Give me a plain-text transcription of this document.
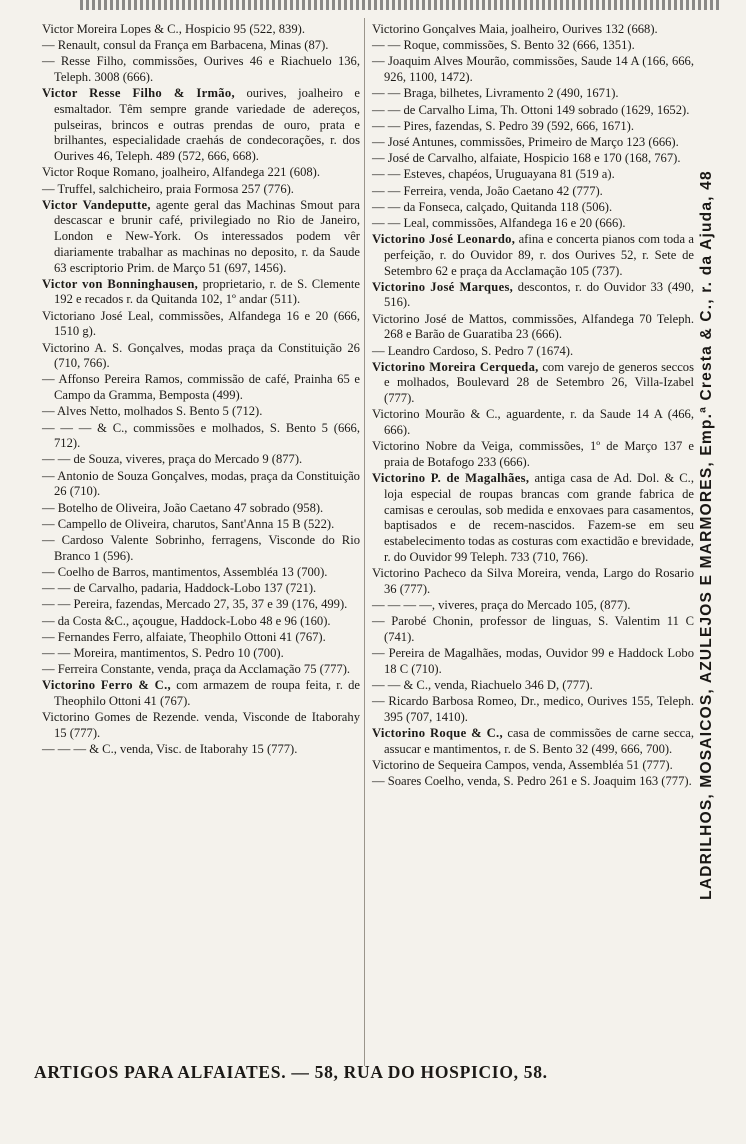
Victor Moreira Lopes & C., Hospicio 95 (522, 839).

— Renault, consul da França em Barbacena, Minas (87).

— Resse Filho, commissões, Ourives 46 e Riachuelo 136, Teleph. 3008 (666).

Victor Resse Filho & Irmão, ourives, joalheiro e esmaltador. Têm sempre grande variedade de adereços, pulseiras, brincos e outras prendas de ouro, prata e brilhantes, especialidade craehás de condecorações, r. dos Ourives 46, Teleph. 489 (572, 666, 668).

Victor Roque Romano, joalheiro, Alfandega 221 (608).

— Truffel, salchicheiro, praia Formosa 257 (776).

Victor Vandeputte, agente geral das Machinas Smout para descascar e brunir café, privilegiado no Rio de Janeiro, London e New-York. Os interessados podem vêr diariamente trabalhar as machinas no deposito, r. da Saude 63 escriptorio Prim. de Março 51 (697, 1456).

Victor von Bonninghausen, proprietario, r. de S. Clemente 192 e recados r. da Quitanda 102, 1º andar (511).

Victoriano José Leal, commissões, Alfandega 16 e 20 (666, 1510 g).

Victorino A. S. Gonçalves, modas praça da Constituição 26 (710, 766).

— Affonso Pereira Ramos, commissão de café, Prainha 65 e Campo da Gramma, Bemposta (499).

— Alves Netto, molhados S. Bento 5 (712).

— — — & C., commissões e molhados, S. Bento 5 (666, 712).

— — de Souza, viveres, praça do Mercado 9 (877).

— Antonio de Souza Gonçalves, modas, praça da Constituição 26 (710).

— Botelho de Oliveira, João Caetano 47 sobrado (958).

— Campello de Oliveira, charutos, Sant'Anna 15 B (522).

— Cardoso Valente Sobrinho, ferragens, Visconde do Rio Branco 1 (596).

— Coelho de Barros, mantimentos, Assembléa 13 (700).

— — de Carvalho, padaria, Haddock-Lobo 137 (721).

— — Pereira, fazendas, Mercado 27, 35, 37 e 39 (176, 499).

— da Costa &C., açougue, Haddock-Lobo 48 e 96 (160).

— Fernandes Ferro, alfaiate, Theophilo Ottoni 41 (767).

— — Moreira, mantimentos, S. Pedro 10 (700).

— Ferreira Constante, venda, praça da Acclamação 75 (777).

Victorino Ferro & C., com armazem de roupa feita, r. de Theophilo Ottoni 41 (767).

Victorino Gomes de Rezende. venda, Visconde de Itaborahy 15 (777).

— — — & C., venda, Visc. de Itaborahy 15 (777).

Victorino Gonçalves Maia, joalheiro, Ourives 132 (668).

— — Roque, commissões, S. Bento 32 (666, 1351).

— Joaquim Alves Mourão, commissões, Saude 14 A (166, 666, 926, 1100, 1472).

— — Braga, bilhetes, Livramento 2 (490, 1671).

— — de Carvalho Lima, Th. Ottoni 149 sobrado (1629, 1652).

— — Pires, fazendas, S. Pedro 39 (592, 666, 1671).

— José Antunes, commissões, Primeiro de Março 123 (666).

— José de Carvalho, alfaiate, Hospicio 168 e 170 (168, 767).

— — Esteves, chapéos, Uruguayana 81 (519 a).

— — Ferreira, venda, João Caetano 42 (777).

— — da Fonseca, calçado, Quitanda 118 (506).

— — Leal, commissões, Alfandega 16 e 20 (666).

Victorino José Leonardo, afina e concerta pianos com toda a perfeição, r. do Ouvidor 89, r. dos Ourives 52, r. Sete de Setembro 62 e praça da Acclamação 105 (737).

Victorino José Marques, descontos, r. do Ouvidor 33 (490, 516).

Victorino José de Mattos, commissões, Alfandega 70 Teleph. 268 e Barão de Guaratiba 23 (666).

— Leandro Cardoso, S. Pedro 7 (1674).

Victorino Moreira Cerqueda, com varejo de generos seccos e molhados, Boulevard 28 de Setembro 26, Villa-Izabel (777).

Victorino Mourão & C., aguardente, r. da Saude 14 A (466, 666).

Victorino Nobre da Veiga, commissões, 1º de Março 137 e praia de Botafogo 233 (666).

Victorino P. de Magalhães, antiga casa de Ad. Dol. & C., loja especial de roupas brancas com grande fabrica de camisas e ceroulas, sob medida e enxovaes para casamentos, baptisados e de recem-nascidos. Fazem-se em seu estabelecimento todas as costuras com exactidão e brevidade, r. do Ouvidor 99 Teleph. 733 (710, 766).

Victorino Pacheco da Silva Moreira, venda, Largo do Rosario 36 (777).

— — — —, viveres, praça do Mercado 105, (877).

— Parobé Chonin, professor de linguas, S. Valentim 11 C (741).

— Pereira de Magalhães, modas, Ouvidor 99 e Haddock Lobo 18 C (710).

— — & C., venda, Riachuelo 346 D, (777).

— Ricardo Barbosa Romeo, Dr., medico, Ourives 155, Teleph. 395 (707, 1410).

Victorino Roque & C., casa de commissões de carne secca, assucar e mantimentos, r. de S. Bento 32 (499, 666, 700).

Victorino de Sequeira Campos, venda, Assembléa 51 (777).

— Soares Coelho, venda, S. Pedro 261 e S. Joaquim 163 (777). LADRILHOS, MOSAICOS, AZULEJOS E MARMORES, Emp.ª Cresta & C., r. da Ajuda, 48
ARTIGOS PARA ALFAIATES. — 58, RUA DO HOSPICIO, 58.
